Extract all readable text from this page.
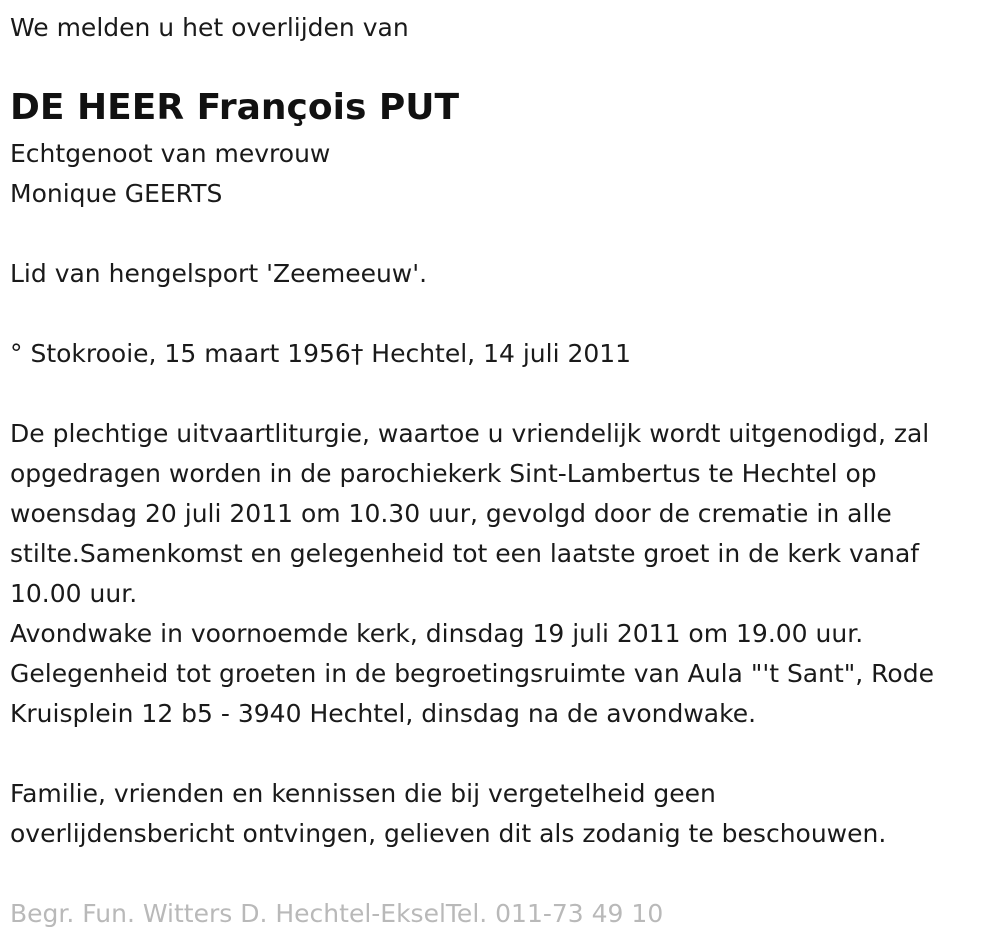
We melden u het overlijden van

DE HEER François PUT

Echtgenoot van mevrouw

Monique GEERTS

Lid van hengelsport 'Zeemeeuw'.

° Stokrooie, 15 maart 1956† Hechtel, 14 juli 2011

De plechtige uitvaartliturgie, waartoe u vriendelijk wordt uitgenodigd, zal

opgedragen worden in de parochiekerk Sint-Lambertus te Hechtel op

woensdag 20 juli 2011 om 10.30 uur, gevolgd door de crematie in alle

stilte.Samenkomst en gelegenheid tot een laatste groet in de kerk vanaf

10.00 uur.

Avondwake in voornoemde kerk, dinsdag 19 juli 2011 om 19.00 uur.

Gelegenheid tot groeten in de begroetingsruimte van Aula "'t Sant", Rode

Kruisplein 12 b5 - 3940 Hechtel, dinsdag na de avondwake.

Familie, vrienden en kennissen die bij vergetelheid geen

overlijdensbericht ontvingen, gelieven dit als zodanig te beschouwen.

Begr. Fun. Witters D. Hechtel-EkselTel. 011-73 49 10
